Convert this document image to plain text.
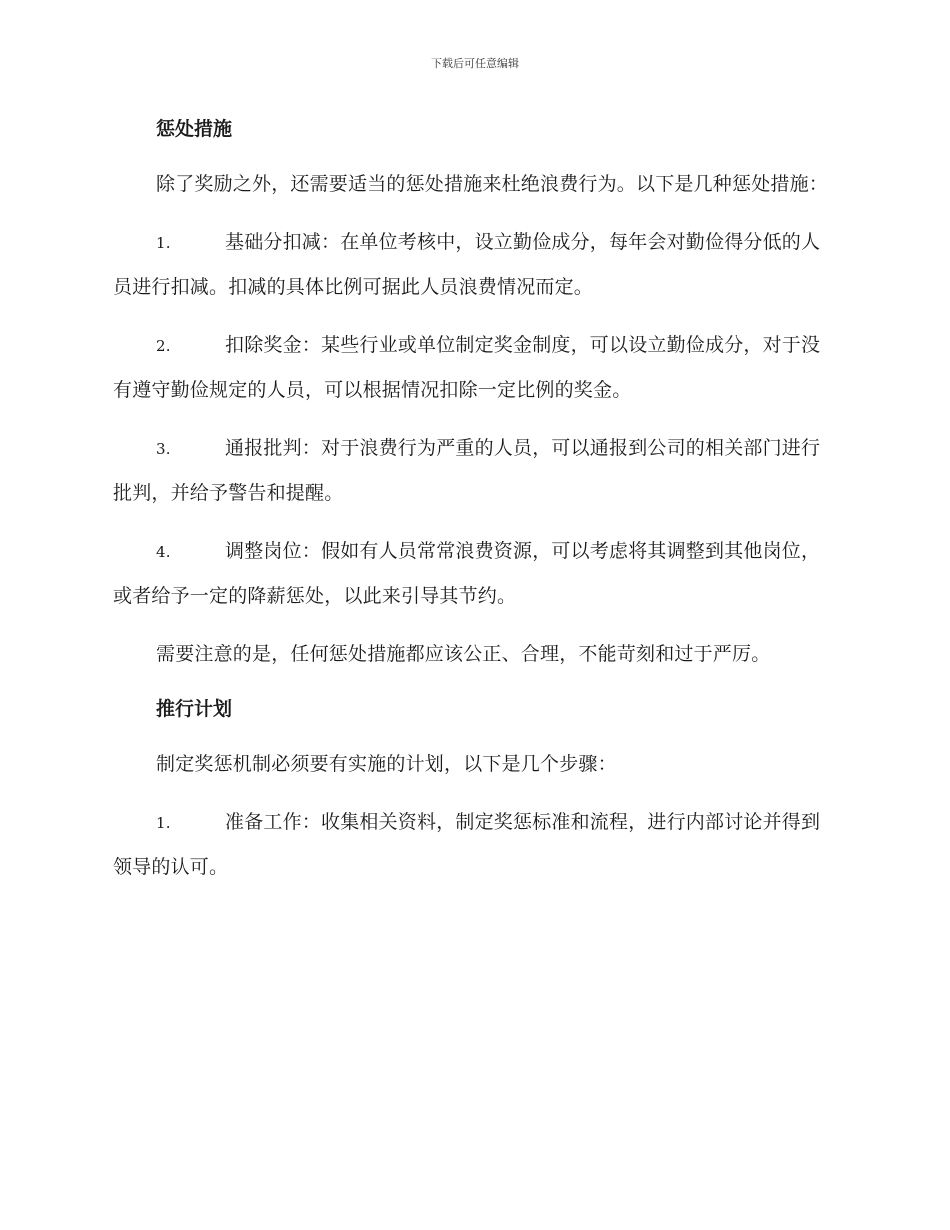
下载后可任意编辑
惩处措施

除了奖励之外，还需要适当的惩处措施来杜绝浪费行为。以下是几种惩处措施：

1.	基础分扣减：在单位考核中，设立勤俭成分，每年会对勤俭得分低的人员进行扣减。扣减的具体比例可据此人员浪费情况而定。

2.	扣除奖金：某些行业或单位制定奖金制度，可以设立勤俭成分，对于没有遵守勤俭规定的人员，可以根据情况扣除一定比例的奖金。

3.	通报批判：对于浪费行为严重的人员，可以通报到公司的相关部门进行批判，并给予警告和提醒。

4.	调整岗位：假如有人员常常浪费资源，可以考虑将其调整到其他岗位，或者给予一定的降薪惩处，以此来引导其节约。

需要注意的是，任何惩处措施都应该公正、合理，不能苛刻和过于严厉。

推行计划

制定奖惩机制必须要有实施的计划，以下是几个步骤：

1.	准备工作：收集相关资料，制定奖惩标准和流程，进行内部讨论并得到领导的认可。
